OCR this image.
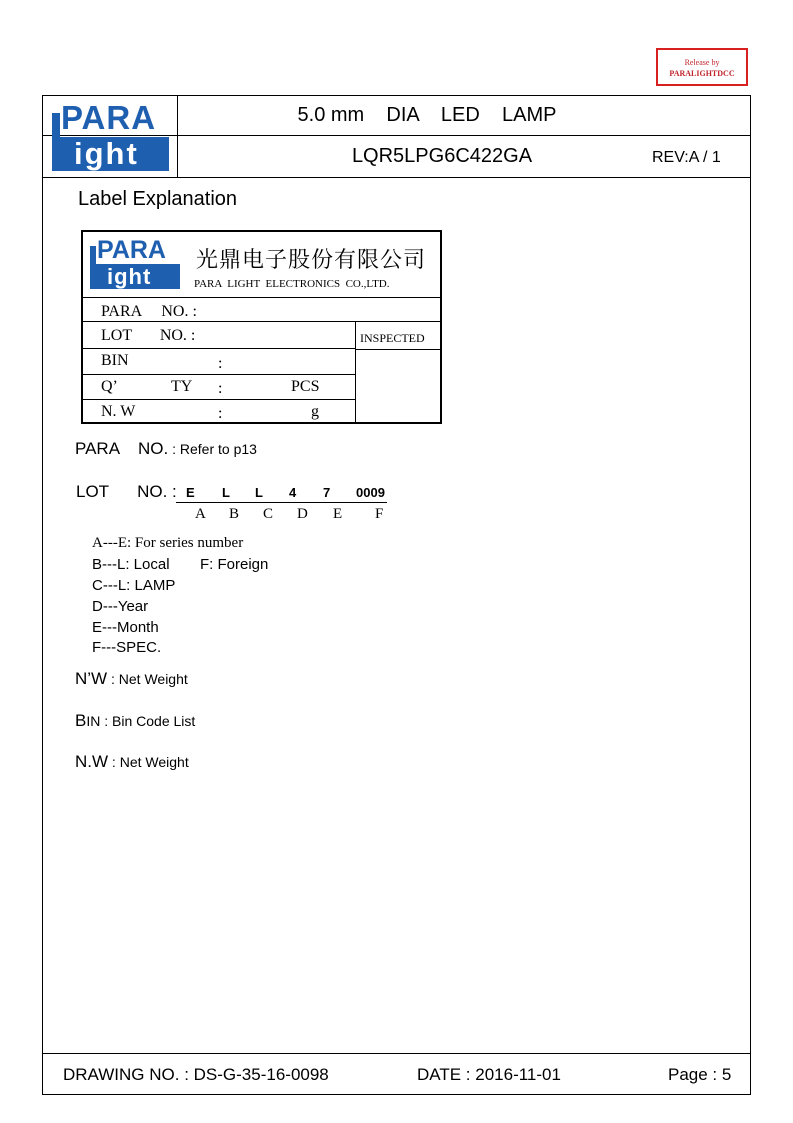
Release by
PARALIGHTDCC
PARA
ight
5.0 mm    DIA    LED    LAMP
LQR5LPG6C422GA	REV:A / 1
Label Explanation
PARA
ight
光鼎电子股份有限公司
PARA  LIGHT  ELECTRONICS  CO.,LTD.
PARA     NO. :
LOT       NO. :	INSPECTED
BIN	:
Q’	TY :	PCS
N. W	:	g
PARA    NO. : Refer to p13
LOT      NO. : E L L 4 7 0009
A B C D E F
A---E: For series number
B---L: Local F: Foreign
C---L: LAMP
D---Year
E---Month
F---SPEC.
N’W : Net Weight
BIN : Bin Code List
N.W : Net Weight
DRAWING NO. : DS-G-35-16-0098	DATE : 2016-11-01	Page : 5
